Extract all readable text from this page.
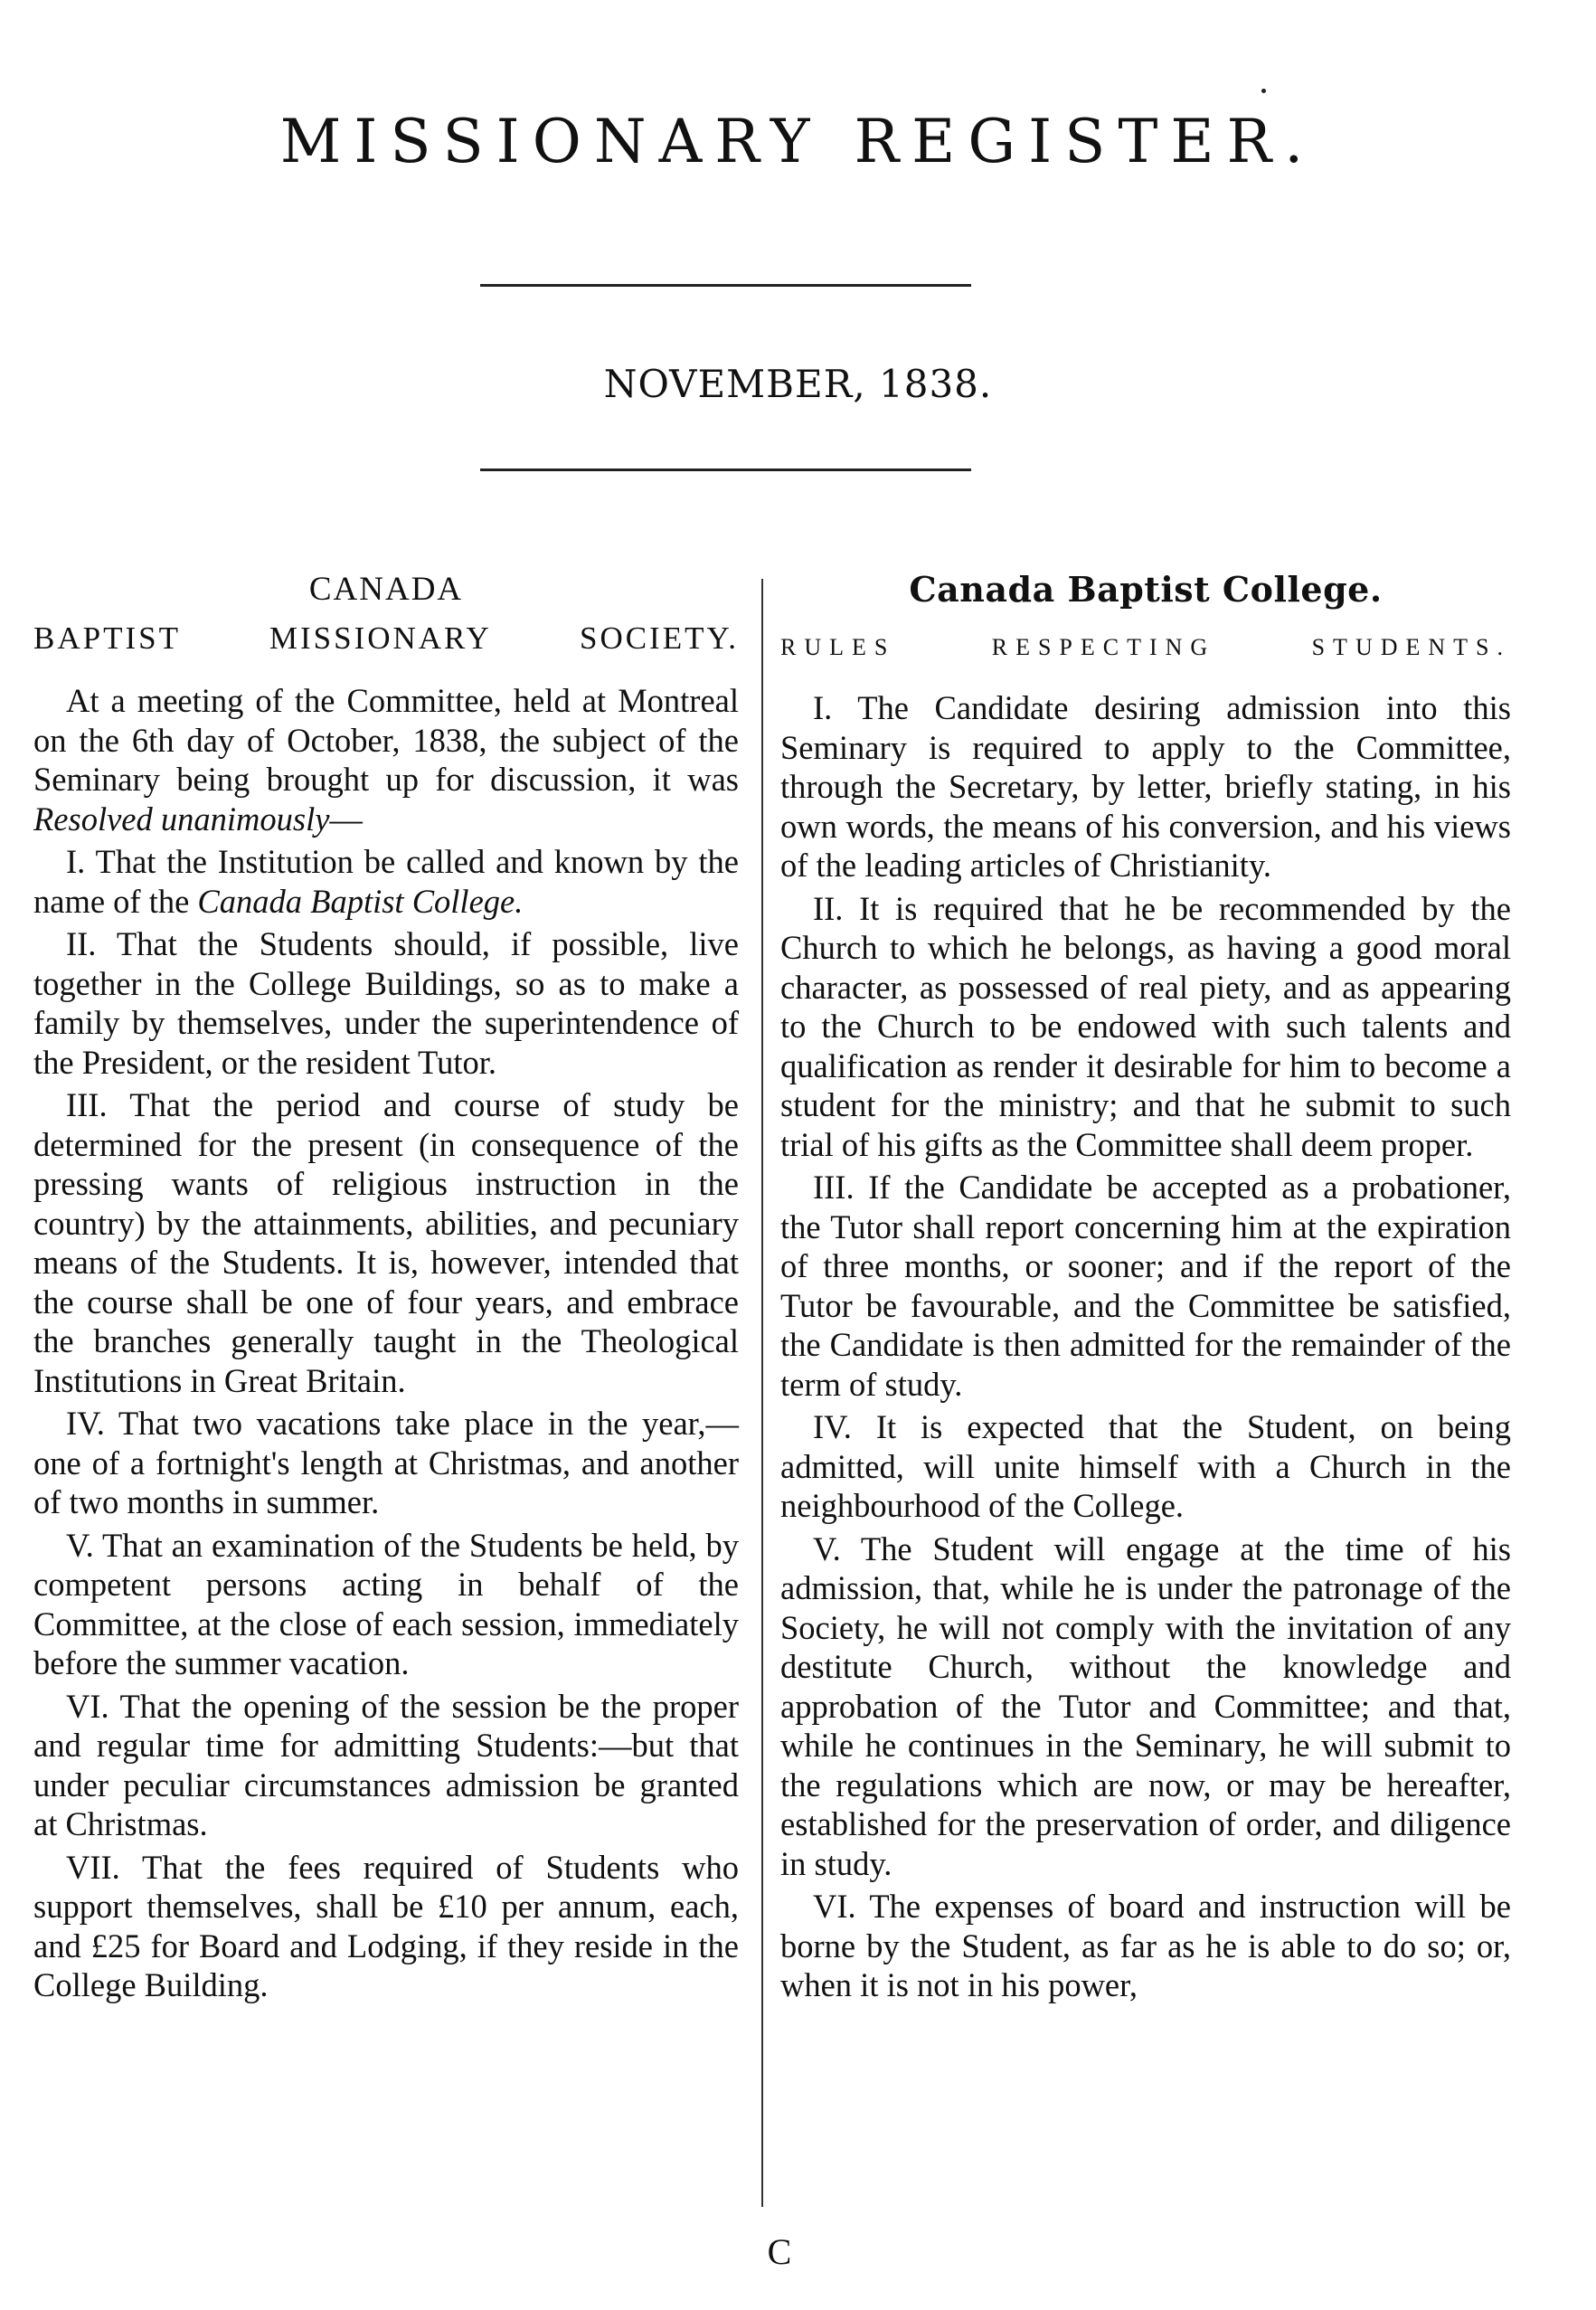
MISSIONARY REGISTER.
NOVEMBER, 1838.
CANADA
BAPTIST MISSIONARY SOCIETY.

At a meeting of the Committee, held at Montreal on the 6th day of October, 1838, the subject of the Seminary being brought up for discussion, it was Resolved unanimously—

I. That the Institution be called and known by the name of the Canada Baptist College.

II. That the Students should, if possible, live together in the College Buildings, so as to make a family by themselves, under the superintendence of the President, or the resident Tutor.

III. That the period and course of study be determined for the present (in consequence of the pressing wants of religious instruction in the country) by the attainments, abilities, and pecuniary means of the Students. It is, however, intended that the course shall be one of four years, and embrace the branches generally taught in the Theological Institutions in Great Britain.

IV. That two vacations take place in the year,—one of a fortnight's length at Christmas, and another of two months in summer.

V. That an examination of the Students be held, by competent persons acting in behalf of the Committee, at the close of each session, immediately before the summer vacation.

VI. That the opening of the session be the proper and regular time for admitting Students:—but that under peculiar circumstances admission be granted at Christmas.

VII. That the fees required of Students who support themselves, shall be £10 per annum, each, and £25 for Board and Lodging, if they reside in the College Building.

Canada Baptist College.
RULES RESPECTING STUDENTS.

I. The Candidate desiring admission into this Seminary is required to apply to the Committee, through the Secretary, by letter, briefly stating, in his own words, the means of his conversion, and his views of the leading articles of Christianity.

II. It is required that he be recommended by the Church to which he belongs, as having a good moral character, as possessed of real piety, and as appearing to the Church to be endowed with such talents and qualification as render it desirable for him to become a student for the ministry; and that he submit to such trial of his gifts as the Committee shall deem proper.

III. If the Candidate be accepted as a probationer, the Tutor shall report concerning him at the expiration of three months, or sooner; and if the report of the Tutor be favourable, and the Committee be satisfied, the Candidate is then admitted for the remainder of the term of study.

IV. It is expected that the Student, on being admitted, will unite himself with a Church in the neighbourhood of the College.

V. The Student will engage at the time of his admission, that, while he is under the patronage of the Society, he will not comply with the invitation of any destitute Church, without the knowledge and approbation of the Tutor and Committee; and that, while he continues in the Seminary, he will submit to the regulations which are now, or may be hereafter, established for the preservation of order, and diligence in study.

VI. The expenses of board and instruction will be borne by the Student, as far as he is able to do so; or, when it is not in his power,

C
